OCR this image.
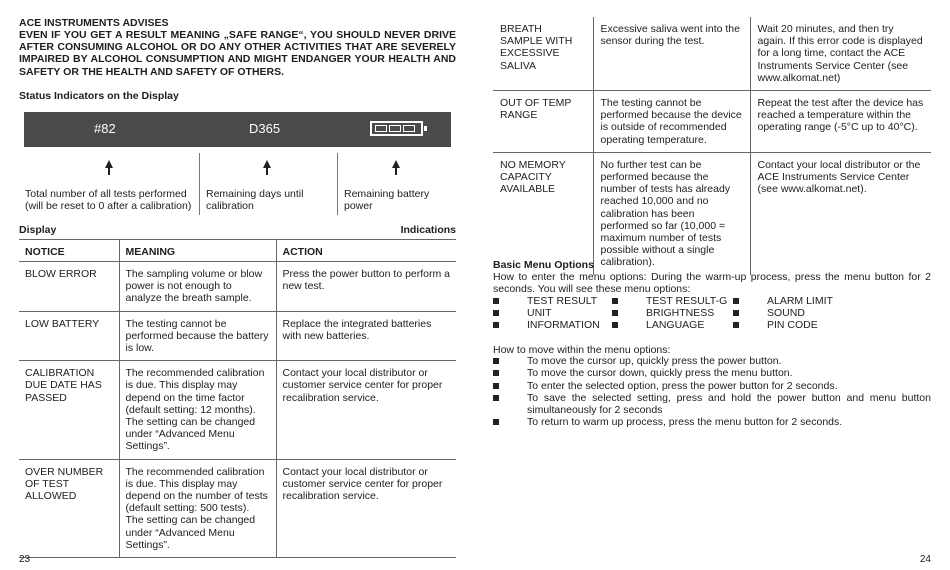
ACE INSTRUMENTS ADVISES
EVEN IF YOU GET A RESULT MEANING „SAFE RANGE“, YOU SHOULD NEVER DRIVE AFTER CONSUMING ALCOHOL OR DO ANY OTHER ACTIVITIES THAT ARE SEVERELY IMPAIRED BY ALCOHOL CONSUMPTION AND MIGHT ENDANGER YOUR HEALTH AND SAFETY OR THE HEALTH AND SAFETY OF OTHERS.
Status Indicators on the Display
#82	D365
Total number of all tests performed (will be reset to 0 after a calibration)
Remaining days until calibration
Remaining battery power
Display	Indications
NOTICE	MEANING	ACTION
BLOW ERROR	The sampling volume or blow power is not enough to analyze the breath sample.	Press the power button to perform a new test.
LOW BATTERY	The testing cannot be performed because the battery is low.	Replace the integrated batteries with new batteries.
CALIBRATION DUE DATE HAS PASSED	The recommended calibration is due. This display may depend on the time factor (default setting: 12 months). The setting can be changed under “Advanced Menu Settings”.	Contact your local distributor or customer service center for proper recalibration service.
OVER NUMBER OF TEST ALLOWED	The recommended calibration is due. This display may depend on the number of tests (default setting: 500 tests). The setting can be changed under “Advanced Menu Settings”.	Contact your local distributor or customer service center for proper recalibration service.
23
BREATH SAMPLE WITH EXCESSIVE SALIVA	Excessive saliva went into the sensor during the test.	Wait 20 minutes, and then try again. If this error code is displayed for a long time, contact the ACE Instruments Service Center (see www.alkomat.net)
OUT OF TEMP RANGE	The testing cannot be performed because the device is outside of recommended operating temperature.	Repeat the test after the device has reached a temperature within the operating range (-5°C up to 40°C).
NO MEMORY CAPACITY AVAILABLE	No further test can be performed because the number of tests has already reached 10,000 and no calibration has been performed so far (10,000 = maximum number of tests possible without a single calibration).	Contact your local distributor or the ACE Instruments Service Center (see www.alkomat.net).
Basic Menu Options
How to enter the menu options: During the warm-up process, press the menu button for 2 seconds. You will see these menu options:
TEST RESULT	TEST RESULT-G	ALARM LIMIT
UNIT	BRIGHTNESS	SOUND
INFORMATION	LANGUAGE	PIN CODE
How to move within the menu options:
To move the cursor up, quickly press the power button.
To move the cursor down, quickly press the menu button.
To enter the selected option, press the power button for 2 seconds.
To save the selected setting, press and hold the power button and menu button simultaneously for 2 seconds
To return to warm up process, press the menu button for 2 seconds.
24
